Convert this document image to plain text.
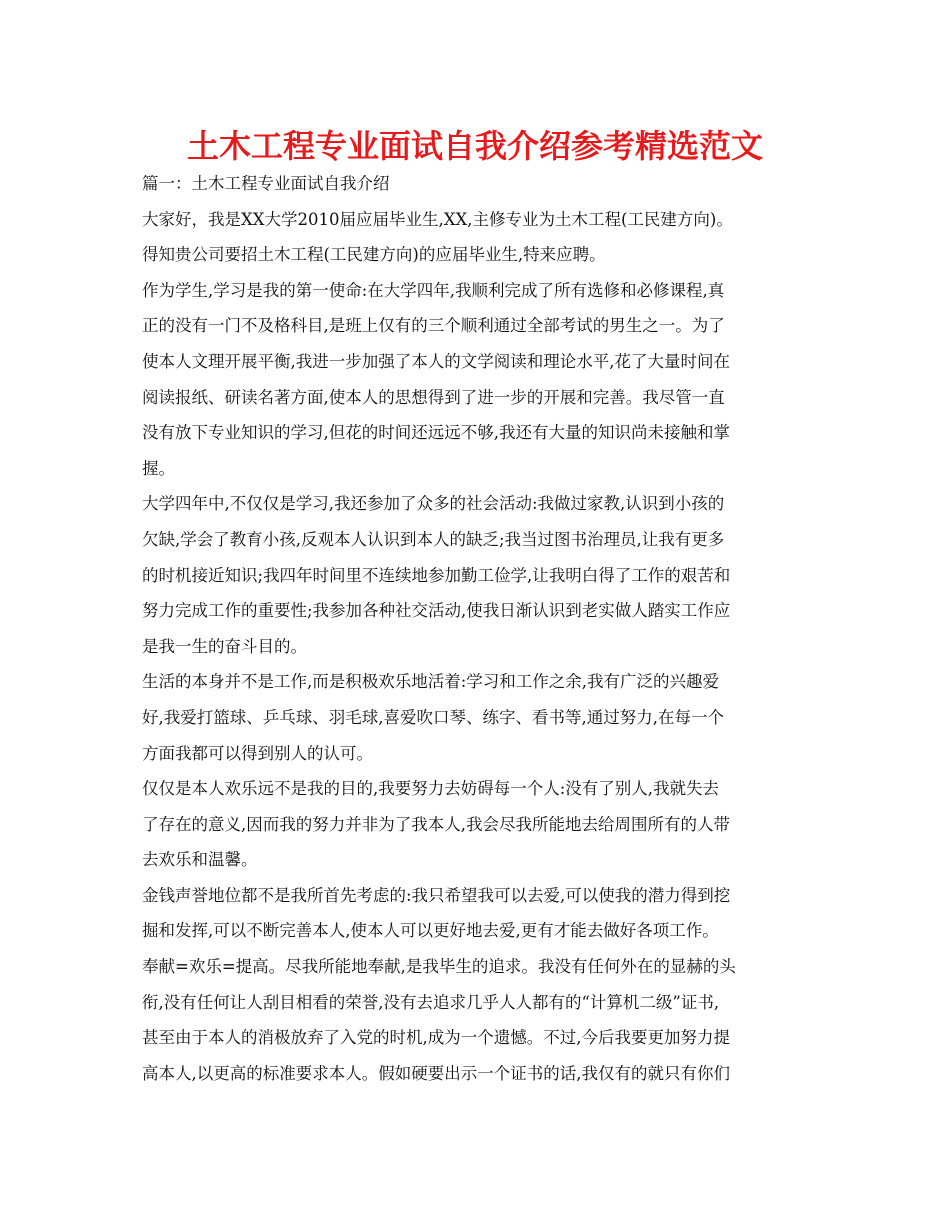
土木工程专业面试自我介绍参考精选范文
篇一：土木工程专业面试自我介绍
大家好，我是XX大学2010届应届毕业生,XX,主修专业为土木工程(工民建方向)。
得知贵公司要招土木工程(工民建方向)的应届毕业生,特来应聘。
作为学生,学习是我的第一使命:在大学四年,我顺利完成了所有选修和必修课程,真
正的没有一门不及格科目,是班上仅有的三个顺利通过全部考试的男生之一。为了
使本人文理开展平衡,我进一步加强了本人的文学阅读和理论水平,花了大量时间在
阅读报纸、研读名著方面,使本人的思想得到了进一步的开展和完善。我尽管一直
没有放下专业知识的学习,但花的时间还远远不够,我还有大量的知识尚未接触和掌
握。
大学四年中,不仅仅是学习,我还参加了众多的社会活动:我做过家教,认识到小孩的
欠缺,学会了教育小孩,反观本人认识到本人的缺乏;我当过图书治理员,让我有更多
的时机接近知识;我四年时间里不连续地参加勤工俭学,让我明白得了工作的艰苦和
努力完成工作的重要性;我参加各种社交活动,使我日渐认识到老实做人踏实工作应
是我一生的奋斗目的。
生活的本身并不是工作,而是积极欢乐地活着:学习和工作之余,我有广泛的兴趣爱
好,我爱打篮球、乒乓球、羽毛球,喜爱吹口琴、练字、看书等,通过努力,在每一个
方面我都可以得到别人的认可。
仅仅是本人欢乐远不是我的目的,我要努力去妨碍每一个人:没有了别人,我就失去
了存在的意义,因而我的努力并非为了我本人,我会尽我所能地去给周围所有的人带
去欢乐和温馨。
金钱声誉地位都不是我所首先考虑的:我只希望我可以去爱,可以使我的潜力得到挖
掘和发挥,可以不断完善本人,使本人可以更好地去爱,更有才能去做好各项工作。
奉献=欢乐=提高。尽我所能地奉献,是我毕生的追求。我没有任何外在的显赫的头
衔,没有任何让人刮目相看的荣誉,没有去追求几乎人人都有的“计算机二级”证书,
甚至由于本人的消极放弃了入党的时机,成为一个遗憾。不过,今后我要更加努力提
高本人,以更高的标准要求本人。假如硬要出示一个证书的话,我仅有的就只有你们
